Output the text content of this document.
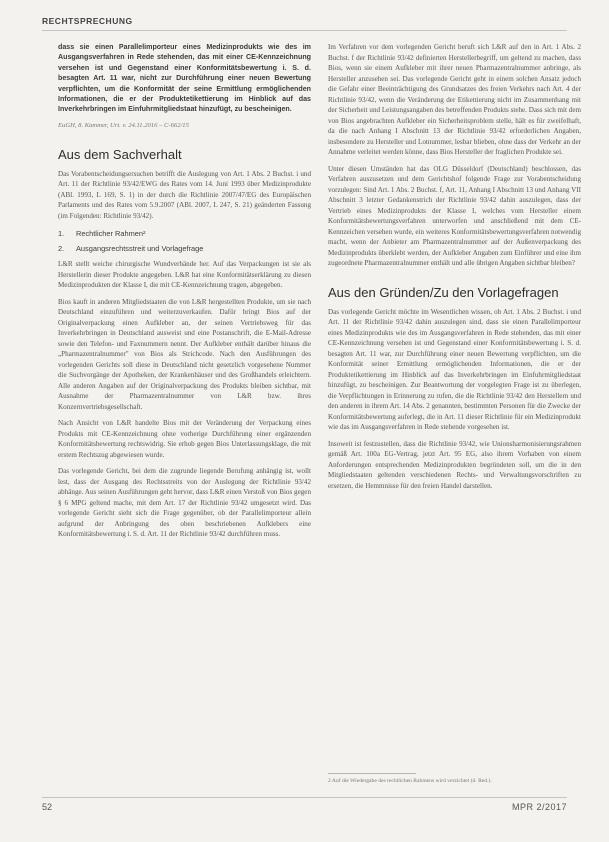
RECHTSPRECHUNG

dass sie einen Parallelimporteur eines Medizinprodukts wie des im Ausgangsverfahren in Rede stehenden, das mit einer CE-Kennzeichnung versehen ist und Gegenstand einer Konformitätsbewertung i. S. d. besagten Art. 11 war, nicht zur Durchführung einer neuen Bewertung verpflichten, um die Konformität der seine Ermittlung ermöglichenden Informationen, die er der Produktetikettierung im Hinblick auf das Inverkehrbringen im Einfuhrmitgliedstaat hinzufügt, zu bescheinigen.

EuGH, 8. Kammer, Urt. v. 24.11.2016 – C-662/15

Aus dem Sachverhalt

Das Vorabentscheidungsersuchen betrifft die Auslegung von Art. 1 Abs. 2 Buchst. i und Art. 11 der Richtlinie 93/42/EWG des Rates vom 14. Juni 1993 über Medizinprodukte (ABl. 1993, L 169, S. 1) in der durch die Richtlinie 2007/47/EG des Europäischen Parlaments und des Rates vom 5.9.2007 (ABl. 2007, L 247, S. 21) geänderten Fassung (im Folgenden: Richtlinie 93/42).

1. Rechtlicher Rahmen²
2. Ausgangsrechtsstreit und Vorlagefrage

L&R stellt weiche chirurgische Wundverbände her. Auf das Verpackungen ist sie als Herstellerin dieser Produkte angegeben. L&R hat eine Konformitätserklärung zu diesen Medizinprodukten der Klasse I, die mit CE-Kennzeichnung tragen, abgegeben.

Bios kauft in anderen Mitgliedstaaten die von L&R hergestellten Produkte, um sie nach Deutschland einzuführen und weiterzuverkaufen. Dafür bringt Bios auf der Originalverpackung einen Aufkleber an, der seinen Vertriebsweg für das Inverkehrbringen in Deutschland ausweist und eine Postanschrift, die E-Mail-Adresse sowie den Telefon- und Faxnummern nennt. Der Aufkleber enthält darüber hinaus die „Pharmazentralnummer" von Bios als Strichcode. Nach den Ausführungen des vorlegenden Gerichts soll diese in Deutschland nicht gesetzlich vorgesehene Nummer die Suchvorgänge der Apotheken, der Krankenhäuser und des Großhandels erleichtern. Alle anderen Angaben auf der Originalverpackung des Produkts bleiben sichtbar, mit Ausnahme der Pharmazentralnummer von L&R bzw. ihres Konzernvertriebsgesellschaft.

Nach Ansicht von L&R handelte Bios mit der Veränderung der Verpackung eines Produkts mit CE-Kennzeichnung ohne vorherige Durchführung einer ergänzenden Konformitätsbewertung rechtswidrig. Sie erhob gegen Bios Unterlassungsklage, die mit erstem Rechtszug abgewiesen wurde.

Das vorlegende Gericht, bei dem die zugrunde liegende Berufung anhängig ist, wollt lest, dass der Ausgang des Rechtsstreits von der Auslegung der Richtlinie 93/42 abhänge. Aus seinen Ausführungen geht hervor, dass L&R einen Verstoß von Bios gegen § 6 MPG geltend mache, mit dem Art. 17 der Richtlinie 93/42 umgesetzt wird. Das vorlegende Gericht sieht sich die Frage gegenüber, ob der Parallelimporteur allein aufgrund der Anbringung des oben beschriebenen Aufklebers eine Konformitätsbewertung i. S. d. Art. 11 der Richtlinie 93/42 durchführen muss.

Im Verfahren vor dem vorlegenden Gericht beruft sich L&R auf den in Art. 1 Abs. 2 Buchst. f der Richtlinie 93/42 definierten Herstellerbegriff, um geltend zu machen, dass Bios, wenn sie einem Aufkleber mit ihrer neuen Pharmazentralnummer anbringe, als Hersteller anzusehen sei. Das vorlegende Gericht geht in einem solchen Ansatz jedoch die Gefahr einer Beeinträchtigung des Grundsatzes des freien Verkehrs nach Art. 4 der Richtlinie 93/42, wenn die Veränderung der Etikettierung nicht im Zusammenhang mit der Sicherheit und Leistungsangaben des betreffenden Produkts stehe. Dass sich mit dem von Bios angebrachten Aufkleber ein Sicherheitsproblem stelle, hält es für zweifelhaft, da die nach Anhang I Abschnitt 13 der Richtlinie 93/42 erforderlichen Angaben, insbesondere zu Hersteller und Lotnummer, lesbar blieben, ohne dass der Verkehr an der Annahme verleitet werden könne, dass Bios Hersteller der fraglichen Produkte sei.

Unter diesen Umständen hat das OLG Düsseldorf (Deutschland) beschlossen, das Verfahren auszusetzen und dem Gerichtshof folgende Frage zur Vorabentscheidung vorzulegen: Sind Art. 1 Abs. 2 Buchst. f, Art. 11, Anhang I Abschnitt 13 und Anhang VII Abschnitt 3 letzter Gedankenstrich der Richtlinie 93/42 dahin auszulegen, dass der Vertrieb eines Medizinprodukts der Klasse I, welches vom Hersteller einem Konformitätsbewertungsverfahren unterworfen und anschließend mit dem CE-Kennzeichen versehen wurde, ein weiteres Konformitätsbewertungsverfahren notwendig macht, wenn der Anbieter am Pharmazentralnummer auf der Außenverpackung des Medizinprodukts überklebt werden, der Aufkleber Angaben zum Einführer und eine ihm zugeordnete Pharmazentralnummer enthält und alle übrigen Angaben sichtbar bleiben?

Aus den Gründen/Zu den Vorlagefragen

Das vorlegende Gericht möchte im Wesentlichen wissen, ob Art. 1 Abs. 2 Buchst. i und Art. 11 der Richtlinie 93/42 dahin auszulegen sind, dass sie einen Parallelimporteur eines Medizinprodukts wie des im Ausgangsverfahren in Rede stehenden, das mit einer CE-Kennzeichnung versehen ist und Gegenstand einer Konformitätsbewertung i. S. d. besagten Art. 11 war, zur Durchführung einer neuen Bewertung verpflichten, um die Konformität seiner Ermittlung ermöglichenden Informationen, die er der Produktetikettierung im Hinblick auf das Inverkehrbringen im Einfuhrmitgliedstaat hinzufügt, zu bescheinigen. Zur Beantwortung der vorgelegten Frage ist zu überlegen, die Verpflichtungen in Erinnerung zu rufen, die die Richtlinie 93/42 den Herstellern und den anderen in ihrem Art. 14 Abs. 2 genannten, bestimmten Personen für die Zwecke der Konformitätsbewertung auferlegt, die in Art. 11 dieser Richtlinie für ein Medizinprodukt wie das im Ausgangsverfahren in Rede stehende vorgesehen ist.

Insoweit ist festzustellen, dass die Richtlinie 93/42, wie Unionsharmonisierungsrahmen gemäß Art. 100a EG-Vertrag, jetzt Art. 95 EG, also ihrem Vorhaben von einem Anforderungen entsprechenden Medizinprodukten begründeten soll, um die in den Mitgliedstaaten geltenden verschiedenen Rechts- und Verwaltungsvorschriften zu ersetzen, die Hemmnisse für den freien Handel darstellen.

2 Auf die Wiedergabe des rechtlichen Rahmens wird verzichtet (d. Red.).
52	MPR 2/2017
